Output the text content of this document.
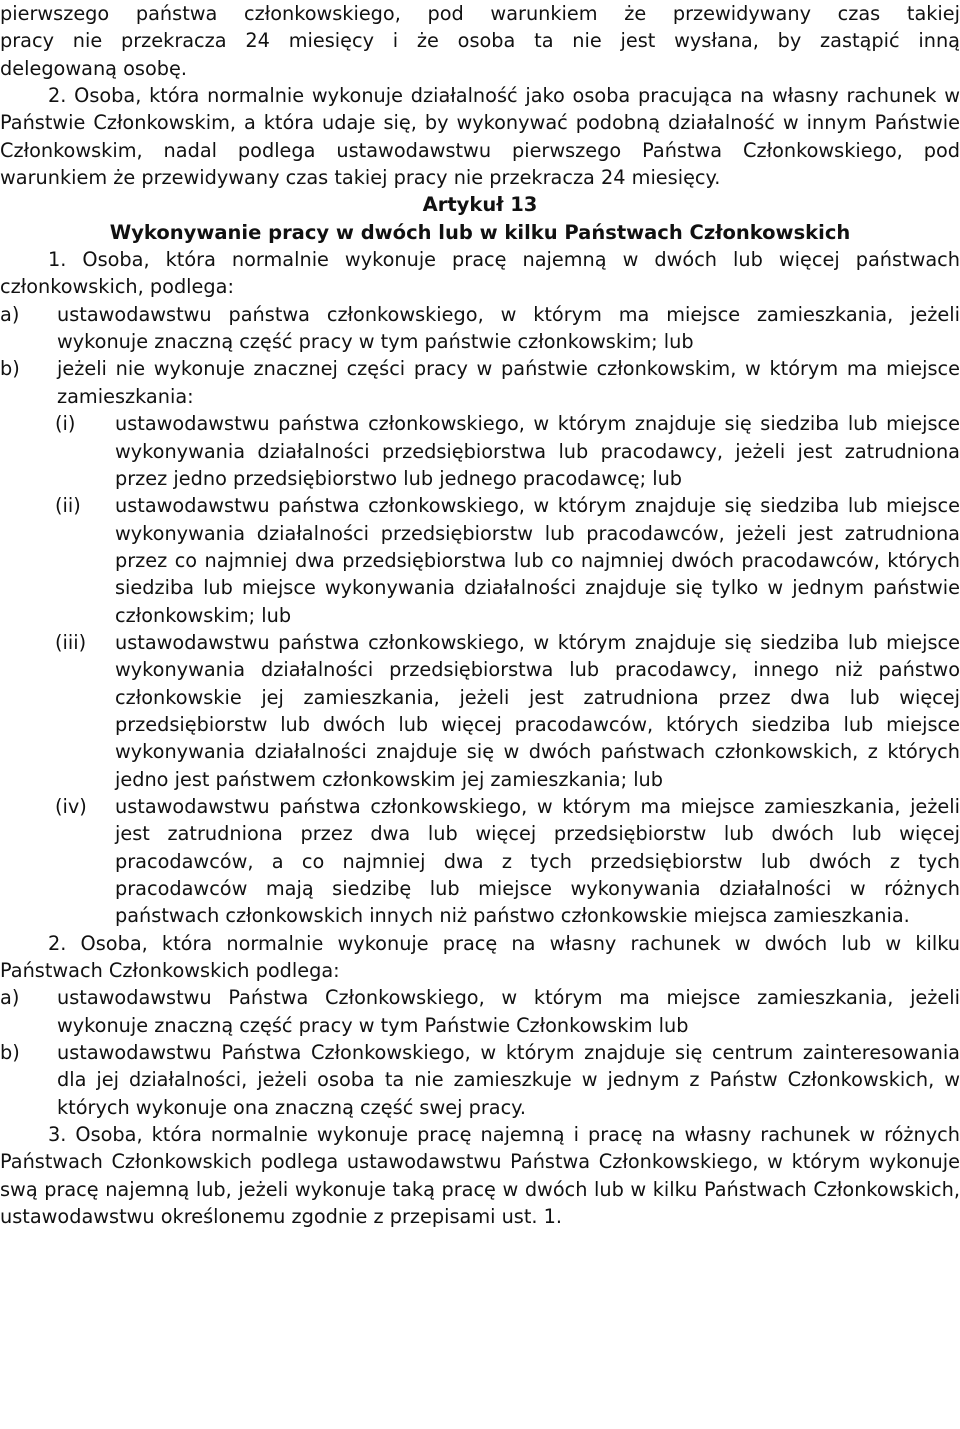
pierwszego państwa członkowskiego, pod warunkiem że przewidywany czas takiej

pracy nie przekracza 24 miesięcy i że osoba ta nie jest wysłana, by zastąpić inną

delegowaną osobę.

2. Osoba, która normalnie wykonuje działalność jako osoba pracująca na własny rachunek w Państwie Członkowskim, a która udaje się, by wykonywać podobną działalność w innym Państwie Członkowskim, nadal podlega ustawodawstwu pierwszego Państwa Członkowskiego, pod warunkiem że przewidywany czas takiej pracy nie przekracza 24 miesięcy.

Artykuł 13

Wykonywanie pracy w dwóch lub w kilku Państwach Członkowskich

1. Osoba, która normalnie wykonuje pracę najemną w dwóch lub więcej państwach członkowskich, podlega:

a) ustawodawstwu państwa członkowskiego, w którym ma miejsce zamieszkania, jeżeli wykonuje znaczną część pracy w tym państwie członkowskim; lub

b) jeżeli nie wykonuje znacznej części pracy w państwie członkowskim, w którym ma miejsce zamieszkania:

(i) ustawodawstwu państwa członkowskiego, w którym znajduje się siedziba lub miejsce wykonywania działalności przedsiębiorstwa lub pracodawcy, jeżeli jest zatrudniona przez jedno przedsiębiorstwo lub jednego pracodawcę; lub

(ii) ustawodawstwu państwa członkowskiego, w którym znajduje się siedziba lub miejsce wykonywania działalności przedsiębiorstw lub pracodawców, jeżeli jest zatrudniona przez co najmniej dwa przedsiębiorstwa lub co najmniej dwóch pracodawców, których siedziba lub miejsce wykonywania działalności znajduje się tylko w jednym państwie członkowskim; lub

(iii) ustawodawstwu państwa członkowskiego, w którym znajduje się siedziba lub miejsce wykonywania działalności przedsiębiorstwa lub pracodawcy, innego niż państwo członkowskie jej zamieszkania, jeżeli jest zatrudniona przez dwa lub więcej przedsiębiorstw lub dwóch lub więcej pracodawców, których siedziba lub miejsce wykonywania działalności znajduje się w dwóch państwach członkowskich, z których jedno jest państwem członkowskim jej zamieszkania; lub

(iv) ustawodawstwu państwa członkowskiego, w którym ma miejsce zamieszkania, jeżeli jest zatrudniona przez dwa lub więcej przedsiębiorstw lub dwóch lub więcej pracodawców, a co najmniej dwa z tych przedsiębiorstw lub dwóch z tych pracodawców mają siedzibę lub miejsce wykonywania działalności w różnych państwach członkowskich innych niż państwo członkowskie miejsca zamieszkania.

2. Osoba, która normalnie wykonuje pracę na własny rachunek w dwóch lub w kilku Państwach Członkowskich podlega:

a) ustawodawstwu Państwa Członkowskiego, w którym ma miejsce zamieszkania, jeżeli wykonuje znaczną część pracy w tym Państwie Członkowskim lub

b) ustawodawstwu Państwa Członkowskiego, w którym znajduje się centrum zainteresowania dla jej działalności, jeżeli osoba ta nie zamieszkuje w jednym z Państw Członkowskich, w których wykonuje ona znaczną część swej pracy.

3. Osoba, która normalnie wykonuje pracę najemną i pracę na własny rachunek w różnych Państwach Członkowskich podlega ustawodawstwu Państwa Członkowskiego, w którym wykonuje swą pracę najemną lub, jeżeli wykonuje taką pracę w dwóch lub w kilku Państwach Członkowskich, ustawodawstwu określonemu zgodnie z przepisami ust. 1.
